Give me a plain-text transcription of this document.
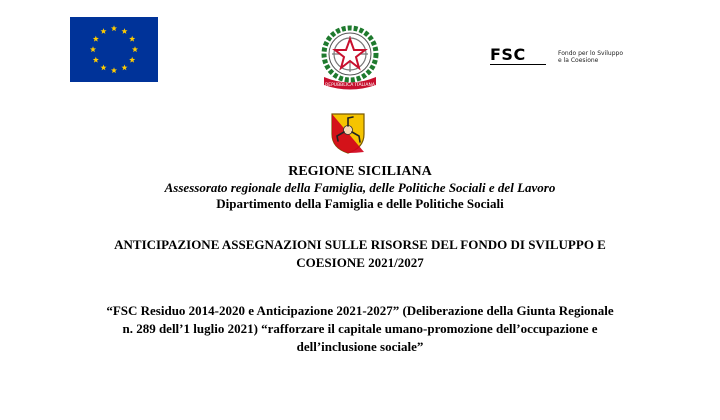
REPUBBLICA ITALIANA
FSC	Fondo per lo Sviluppo
e la Coesione
REGIONE SICILIANA
Assessorato regionale della Famiglia, delle Politiche Sociali e del Lavoro
Dipartimento della Famiglia e delle Politiche Sociali
ANTICIPAZIONE ASSEGNAZIONI SULLE RISORSE DEL FONDO DI SVILUPPO E
COESIONE 2021/2027
“FSC Residuo 2014-2020 e Anticipazione 2021-2027” (Deliberazione della Giunta Regionale
n. 289 dell’1 luglio 2021) “rafforzare il capitale umano-promozione dell’occupazione e
dell’inclusione sociale”
